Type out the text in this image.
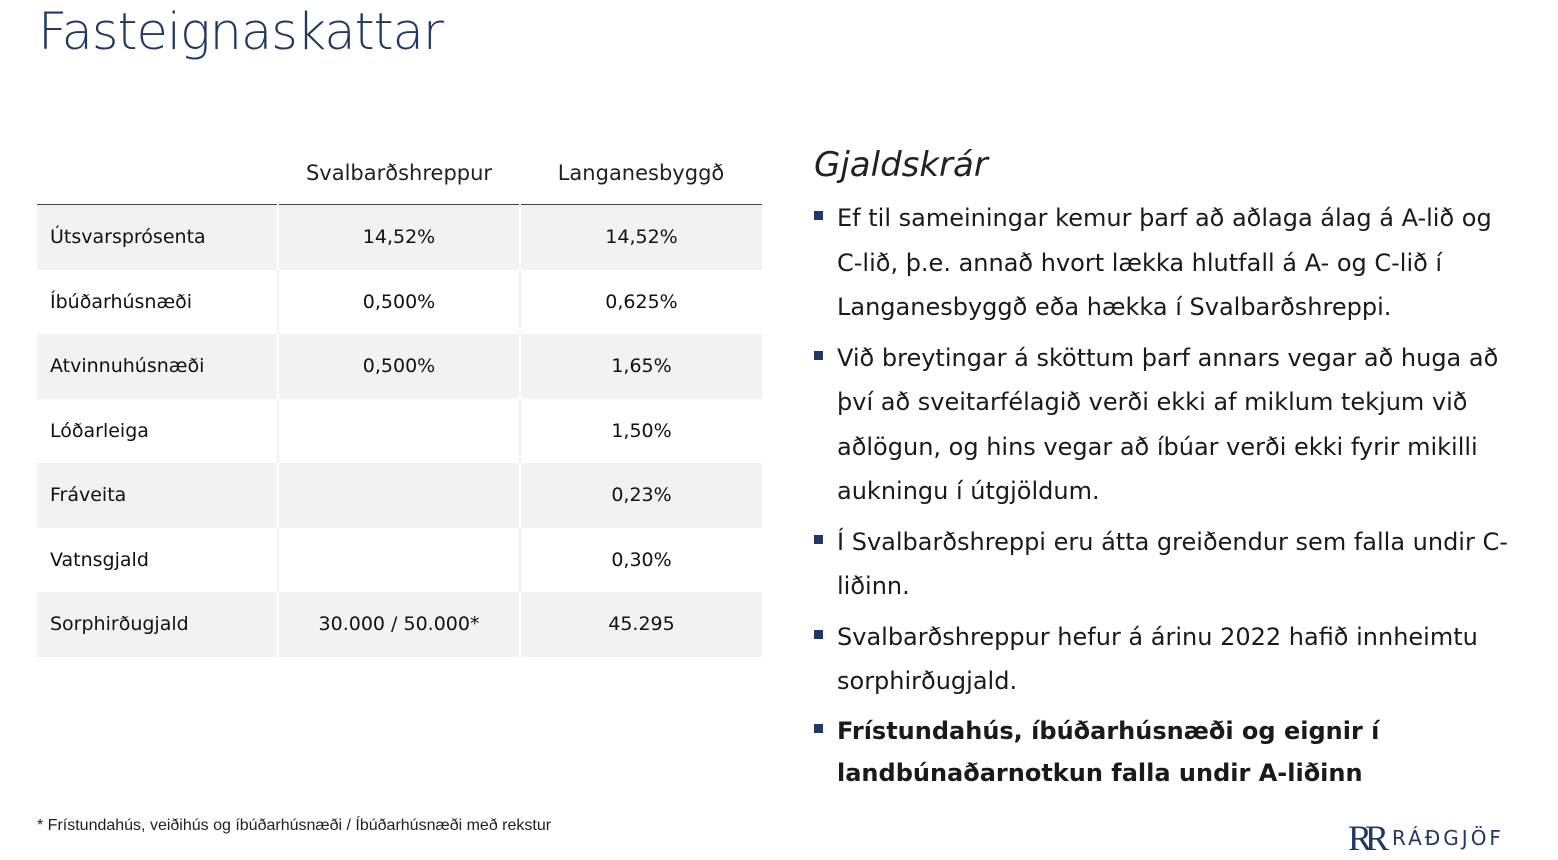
Fasteignaskattar
	Svalbarðshreppur	Langanesbyggð
Útsvarsprósenta	14,52%	14,52%
Íbúðarhúsnæði	0,500%	0,625%
Atvinnuhúsnæði	0,500%	1,65%
Lóðarleiga		1,50%
Fráveita		0,23%
Vatnsgjald		0,30%
Sorphirðugjald	30.000 / 50.000*	45.295
Gjaldskrár
Ef til sameiningar kemur þarf að aðlaga álag á A-lið og C-lið, þ.e. annað hvort lækka hlutfall á A- og C-lið í Langanesbyggð eða hækka í Svalbarðshreppi.
Við breytingar á sköttum þarf annars vegar að huga að því að sveitarfélagið verði ekki af miklum tekjum við aðlögun, og hins vegar að íbúar verði ekki fyrir mikilli aukningu í útgjöldum.
Í Svalbarðshreppi eru átta greiðendur sem falla undir C-liðinn.
Svalbarðshreppur hefur á árinu 2022 hafið innheimtu sorphirðugjald.
Frístundahús, íbúðarhúsnæði og eignir í landbúnaðarnotkun falla undir A-liðinn
* Frístundahús, veiðihús og íbúðarhúsnæði / Íbúðarhúsnæði með rekstur	RR RÁÐGJÖF
